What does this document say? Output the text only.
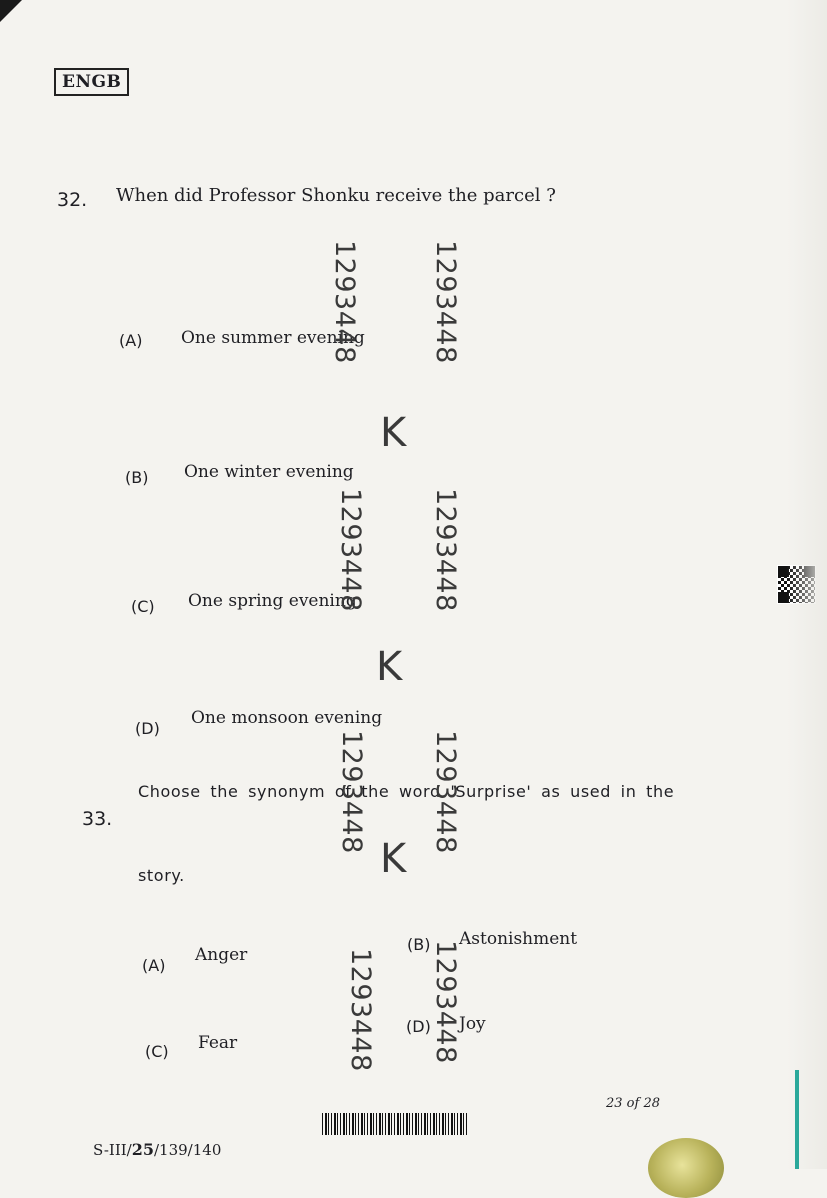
ENGB
32. When did Professor Shonku receive the parcel ?
(A) One summer evening
(B) One winter evening
(C) One spring evening
(D)
One monsoon evening
33.
Choose the synonym of the word 'Surprise' as used in the
story.
(A)
Anger
(B) Astonishment
(C) Fear
(D) Joy
1293448	1293448
K
1293448 1293448
K
1293448 1293448
K
1293448 1293448
23 of 28
S-III/25/139/140
